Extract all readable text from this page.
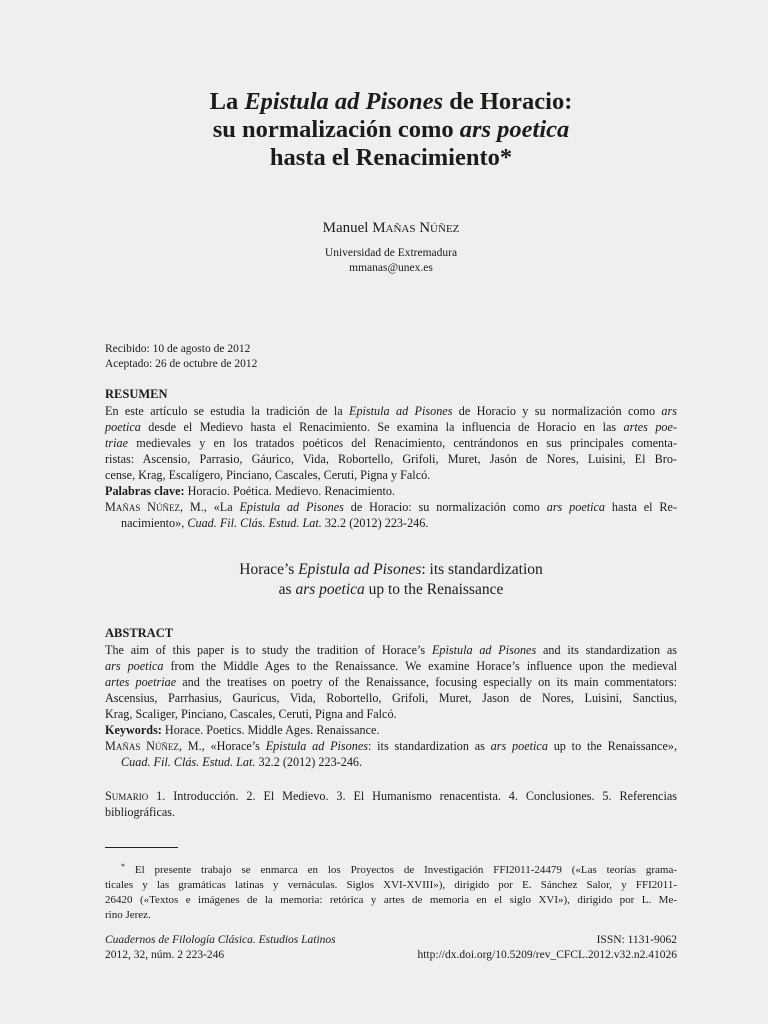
La Epistula ad Pisones de Horacio:
su normalización como ars poetica
hasta el Renacimiento*
Manuel Mañas Núñez
Universidad de Extremadura
mmanas@unex.es
Recibido: 10 de agosto de 2012
Aceptado: 26 de octubre de 2012
RESUMEN
En este artículo se estudia la tradición de la Epistula ad Pisones de Horacio y su normalización como ars
poetica desde el Medievo hasta el Renacimiento. Se examina la influencia de Horacio en las artes poe-
triae medievales y en los tratados poéticos del Renacimiento, centrándonos en sus principales comenta-
ristas: Ascensio, Parrasio, Gáurico, Vida, Robortello, Grifoli, Muret, Jasón de Nores, Luisini, El Bro-
cense, Krag, Escalígero, Pinciano, Cascales, Ceruti, Pigna y Falcó.
Palabras clave: Horacio. Poética. Medievo. Renacimiento.
Mañas Núñez, M., «La Epistula ad Pisones de Horacio: su normalización como ars poetica hasta el Re-
nacimiento», Cuad. Fil. Clás. Estud. Lat. 32.2 (2012) 223-246.
Horace’s Epistula ad Pisones: its standardization
as ars poetica up to the Renaissance
ABSTRACT
The aim of this paper is to study the tradition of Horace’s Epistula ad Pisones and its standardization as
ars poetica from the Middle Ages to the Renaissance. We examine Horace’s influence upon the medieval
artes poetriae and the treatises on poetry of the Renaissance, focusing especially on its main commentators:
Ascensius, Parrhasius, Gauricus, Vida, Robortello, Grifoli, Muret, Jason de Nores, Luisini, Sanctius,
Krag, Scaliger, Pinciano, Cascales, Ceruti, Pigna and Falcó.
Keywords: Horace. Poetics. Middle Ages. Renaissance.
Mañas Núñez, M., «Horace’s Epistula ad Pisones: its standardization as ars poetica up to the Renaissance»,
Cuad. Fil. Clás. Estud. Lat. 32.2 (2012) 223-246.
Sumario 1. Introducción. 2. El Medievo. 3. El Humanismo renacentista. 4. Conclusiones. 5. Referencias
bibliográficas.
* El presente trabajo se enmarca en los Proyectos de Investigación FFI2011-24479 («Las teorías grama-
ticales y las gramáticas latinas y vernáculas. Siglos XVI-XVIII»), dirigido por E. Sánchez Salor, y FFI2011-
26420 («Textos e imágenes de la memoria: retórica y artes de memoria en el siglo XVI»), dirigido por L. Me-
rino Jerez.
Cuadernos de Filología Clásica. Estudios Latinos
2012, 32, núm. 2 223-246
ISSN: 1131-9062
http://dx.doi.org/10.5209/rev_CFCL.2012.v32.n2.41026
